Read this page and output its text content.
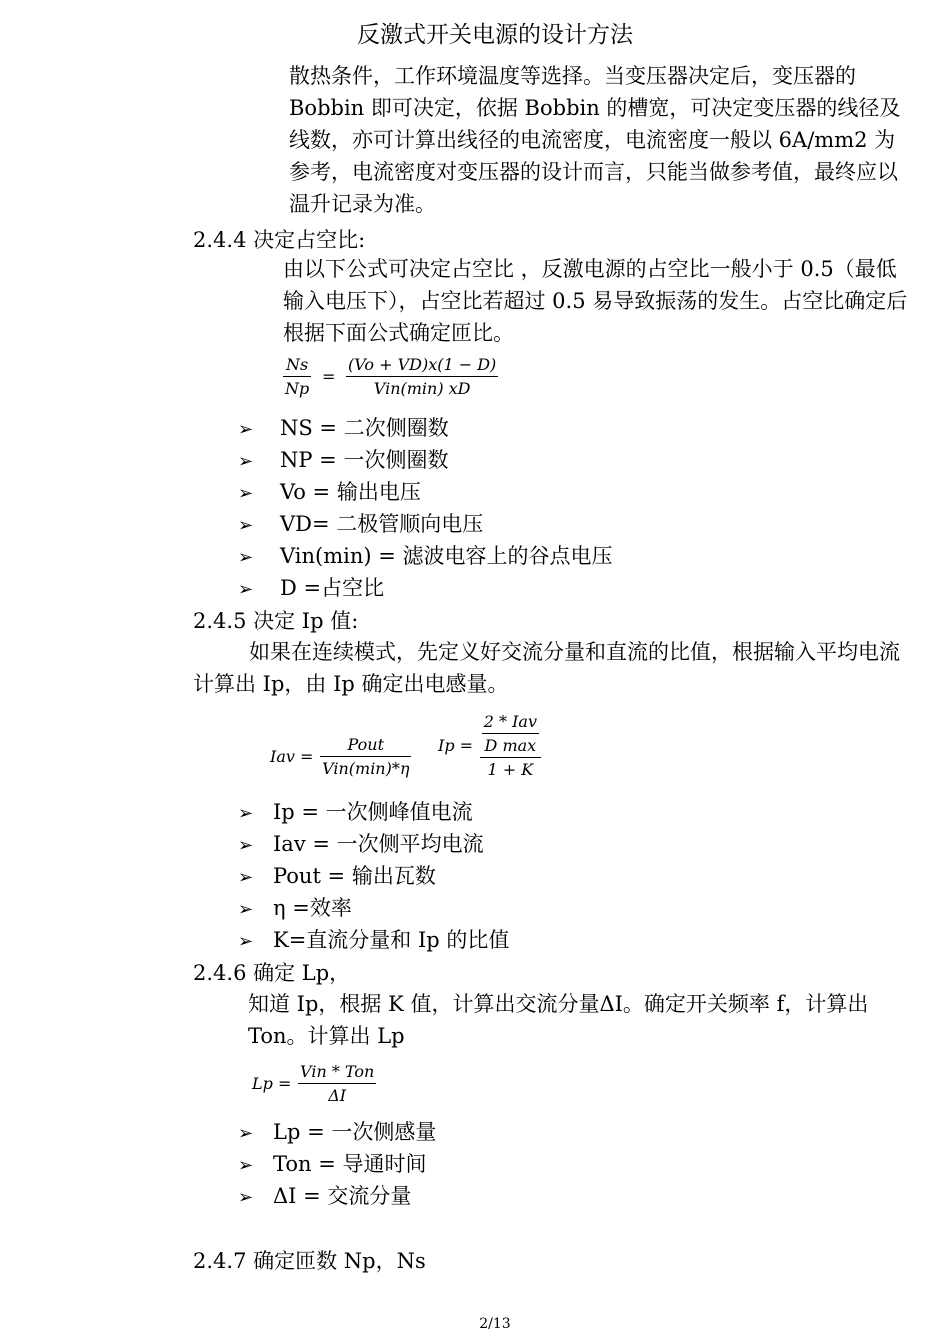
反激式开关电源的设计方法
散热条件，工作环境温度等选择。当变压器决定后，变压器的 Bobbin 即可决定，依据 Bobbin 的槽宽，可决定变压器的线径及线数，亦可计算出线径的电流密度，电流密度一般以 6A/mm2 为参考，电流密度对变压器的设计而言，只能当做参考值，最终应以温升记录为准。
2.4.4 决定占空比:
由以下公式可决定占空比 ，反激电源的占空比一般小于 0.5（最低输入电压下），占空比若超过 0.5 易导致振荡的发生。占空比确定后根据下面公式确定匝比。
$\frac{Ns}{Np} = \frac{(Vo + VD)x(1 - D)}{\text{Vin(min) xD}}$
➢ NS = 二次侧圈数
➢ NP = 一次侧圈数
➢ Vo = 输出电压
➢ VD= 二极管顺向电压
➢ Vin(min) = 滤波电容上的谷点电压
➢ D =占空比
2.4.5 决定 Ip 值:
如果在连续模式，先定义好交流分量和直流的比值，根据输入平均电流计算出 Ip，由 Ip 确定出电感量。
Iav = $\frac{\text{Pout}}{\text{Vin(min)*η}}$ $Ip = \frac{\frac{\text{2 * Iav}}{\text{D max}}}{1 + K}$
➢ Ip = 一次侧峰值电流
➢ Iav = 一次侧平均电流
➢ Pout = 输出瓦数
➢ η =效率
➢ K=直流分量和 Ip 的比值
2.4.6 确定 Lp，
知道 Ip，根据 K 值，计算出交流分量ΔI。确定开关频率 f，计算出Ton。计算出 Lp
$Lp = \frac{\text{Vin * Ton}}{\Delta I}$
➢ Lp = 一次侧感量
➢ Ton = 导通时间
➢ ΔI = 交流分量
2.4.7 确定匝数 Np，Ns
2/13
